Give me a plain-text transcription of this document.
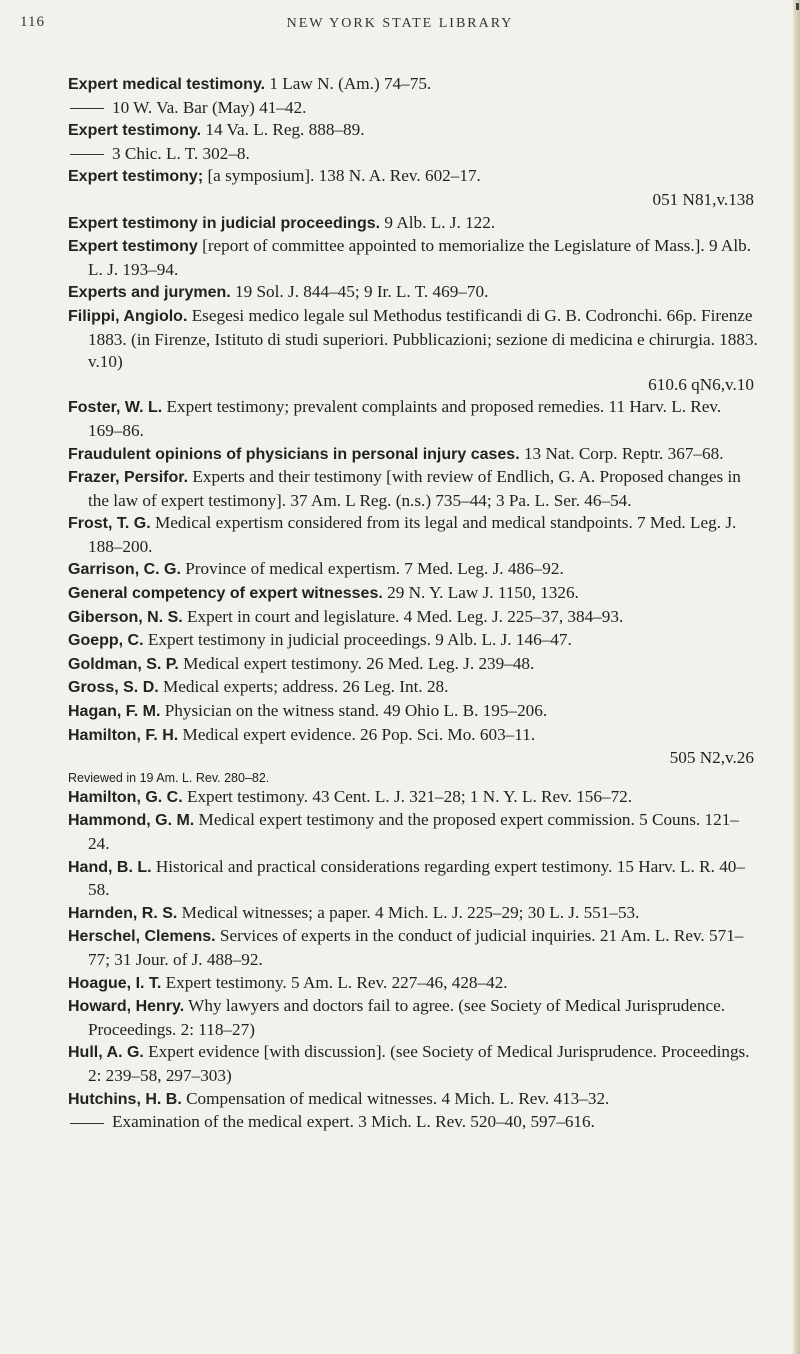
116	NEW YORK STATE LIBRARY
Expert medical testimony. 1 Law N. (Am.) 74–75.
10 W. Va. Bar (May) 41–42.
Expert testimony. 14 Va. L. Reg. 888–89.
3 Chic. L. T. 302–8.
Expert testimony; [a symposium]. 138 N. A. Rev. 602–17.
051 N81,v.138
Expert testimony in judicial proceedings. 9 Alb. L. J. 122.
Expert testimony [report of committee appointed to memorialize the Legislature of Mass.]. 9 Alb. L. J. 193–94.
Experts and jurymen. 19 Sol. J. 844–45; 9 Ir. L. T. 469–70.
Filippi, Angiolo. Esegesi medico legale sul Methodus testificandi di G. B. Codronchi. 66p. Firenze 1883. (in Firenze, Istituto di studi superiori. Pubblicazioni; sezione di medicina e chirurgia. 1883. v.10)
610.6 qN6,v.10
Foster, W. L. Expert testimony; prevalent complaints and proposed remedies. 11 Harv. L. Rev. 169–86.
Fraudulent opinions of physicians in personal injury cases. 13 Nat. Corp. Reptr. 367–68.
Frazer, Persifor. Experts and their testimony [with review of Endlich, G. A. Proposed changes in the law of expert testimony]. 37 Am. L Reg. (n.s.) 735–44; 3 Pa. L. Ser. 46–54.
Frost, T. G. Medical expertism considered from its legal and medical standpoints. 7 Med. Leg. J. 188–200.
Garrison, C. G. Province of medical expertism. 7 Med. Leg. J. 486–92.
General competency of expert witnesses. 29 N. Y. Law J. 1150, 1326.
Giberson, N. S. Expert in court and legislature. 4 Med. Leg. J. 225–37, 384–93.
Goepp, C. Expert testimony in judicial proceedings. 9 Alb. L. J. 146–47.
Goldman, S. P. Medical expert testimony. 26 Med. Leg. J. 239–48.
Gross, S. D. Medical experts; address. 26 Leg. Int. 28.
Hagan, F. M. Physician on the witness stand. 49 Ohio L. B. 195–206.
Hamilton, F. H. Medical expert evidence. 26 Pop. Sci. Mo. 603–11.
505 N2,v.26
Reviewed in 19 Am. L. Rev. 280–82.
Hamilton, G. C. Expert testimony. 43 Cent. L. J. 321–28; 1 N. Y. L. Rev. 156–72.
Hammond, G. M. Medical expert testimony and the proposed expert commission. 5 Couns. 121–24.
Hand, B. L. Historical and practical considerations regarding expert testimony. 15 Harv. L. R. 40–58.
Harnden, R. S. Medical witnesses; a paper. 4 Mich. L. J. 225–29; 30 L. J. 551–53.
Herschel, Clemens. Services of experts in the conduct of judicial inquiries. 21 Am. L. Rev. 571–77; 31 Jour. of J. 488–92.
Hoague, I. T. Expert testimony. 5 Am. L. Rev. 227–46, 428–42.
Howard, Henry. Why lawyers and doctors fail to agree. (see Society of Medical Jurisprudence. Proceedings. 2: 118–27)
Hull, A. G. Expert evidence [with discussion]. (see Society of Medical Jurisprudence. Proceedings. 2: 239–58, 297–303)
Hutchins, H. B. Compensation of medical witnesses. 4 Mich. L. Rev. 413–32.
Examination of the medical expert. 3 Mich. L. Rev. 520–40, 597–616.
